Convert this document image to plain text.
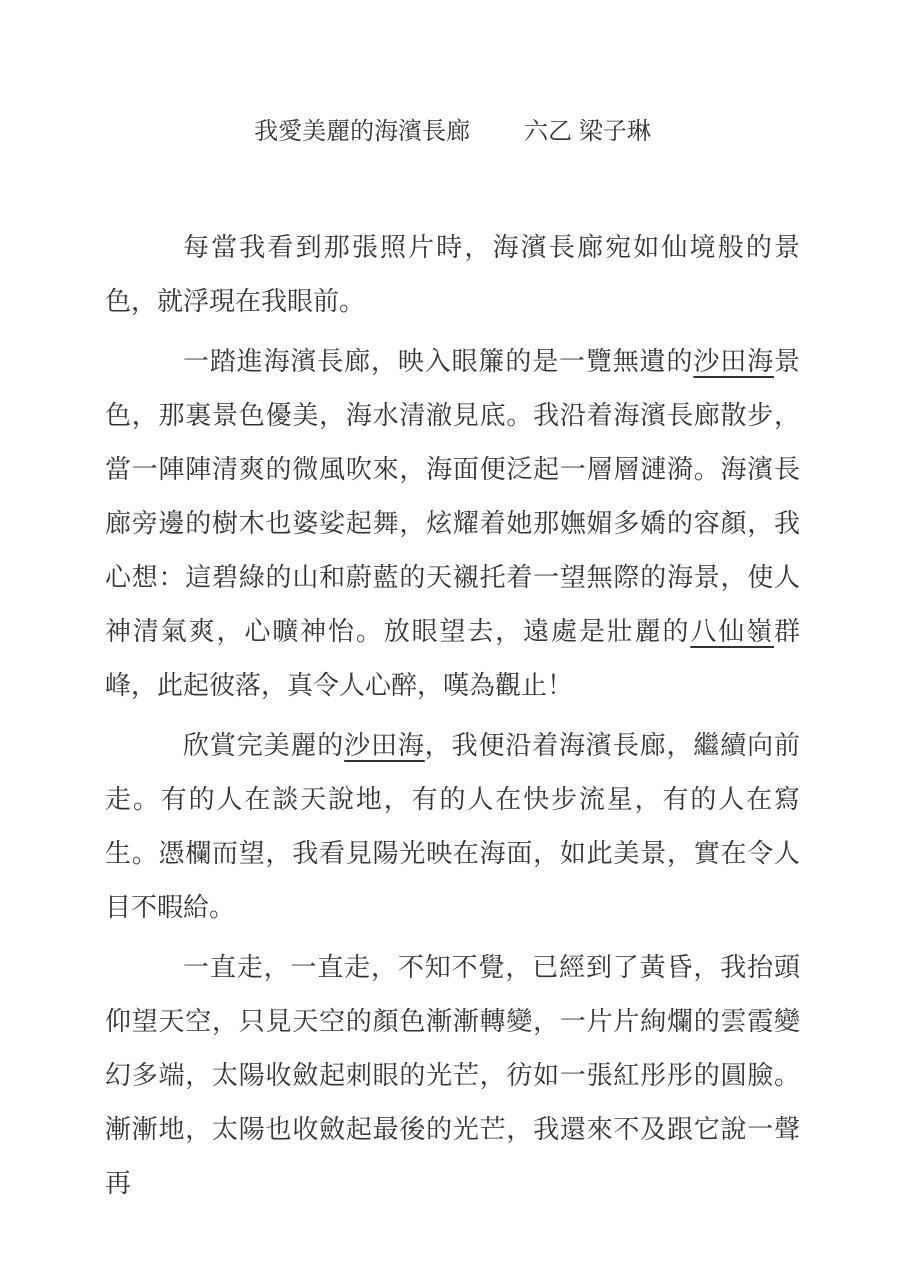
我愛美麗的海濱長廊 六乙 梁子琳

每當我看到那張照片時，海濱長廊宛如仙境般的景色，就浮現在我眼前。

一踏進海濱長廊，映入眼簾的是一覽無遺的沙田海景色，那裏景色優美，海水清澈見底。我沿着海濱長廊散步，當一陣陣清爽的微風吹來，海面便泛起一層層漣漪。海濱長廊旁邊的樹木也婆娑起舞，炫耀着她那嫵媚多嬌的容顏，我心想：這碧綠的山和蔚藍的天襯托着一望無際的海景，使人神清氣爽，心曠神怡。放眼望去，遠處是壯麗的八仙嶺群峰，此起彼落，真令人心醉，嘆為觀止！

欣賞完美麗的沙田海，我便沿着海濱長廊，繼續向前走。有的人在談天說地，有的人在快步流星，有的人在寫生。憑欄而望，我看見陽光映在海面，如此美景，實在令人目不暇給。

一直走，一直走，不知不覺，已經到了黃昏，我抬頭仰望天空，只見天空的顏色漸漸轉變，一片片絢爛的雲霞變幻多端，太陽收斂起刺眼的光芒，彷如一張紅彤彤的圓臉。漸漸地，太陽也收斂起最後的光芒，我還來不及跟它說一聲再
